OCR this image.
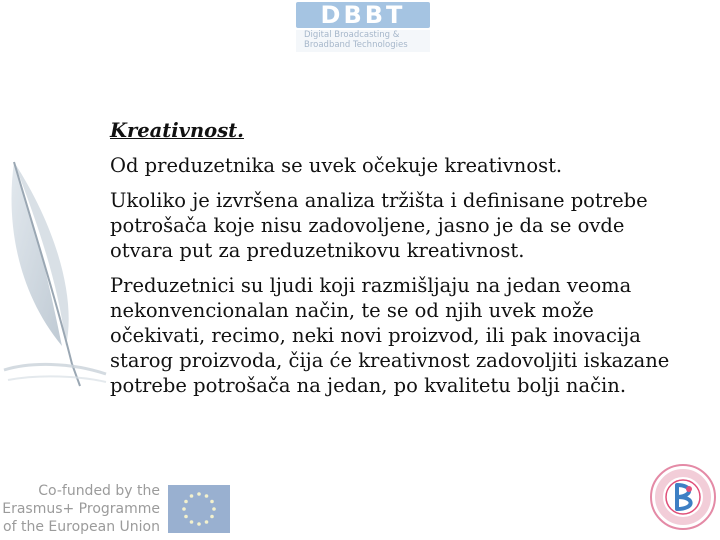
DBBT
Digital Broadcasting &
Broadband Technologies

Kreativnost.

Od preduzetnika se uvek očekuje kreativnost.

Ukoliko je izvršena analiza tržišta i definisane potrebe potrošača koje nisu zadovoljene, jasno je da se ovde otvara put za preduzetnikovu kreativnost.

Preduzetnici su ljudi koji razmišljaju na jedan veoma nekonvencionalan način, te se od njih uvek može očekivati, recimo, neki novi proizvod, ili pak inovacija starog proizvoda, čija će kreativnost zadovoljiti iskazane potrebe potrošača na jedan, po kvalitetu bolji način.

Co-funded by the
Erasmus+ Programme
of the European Union
